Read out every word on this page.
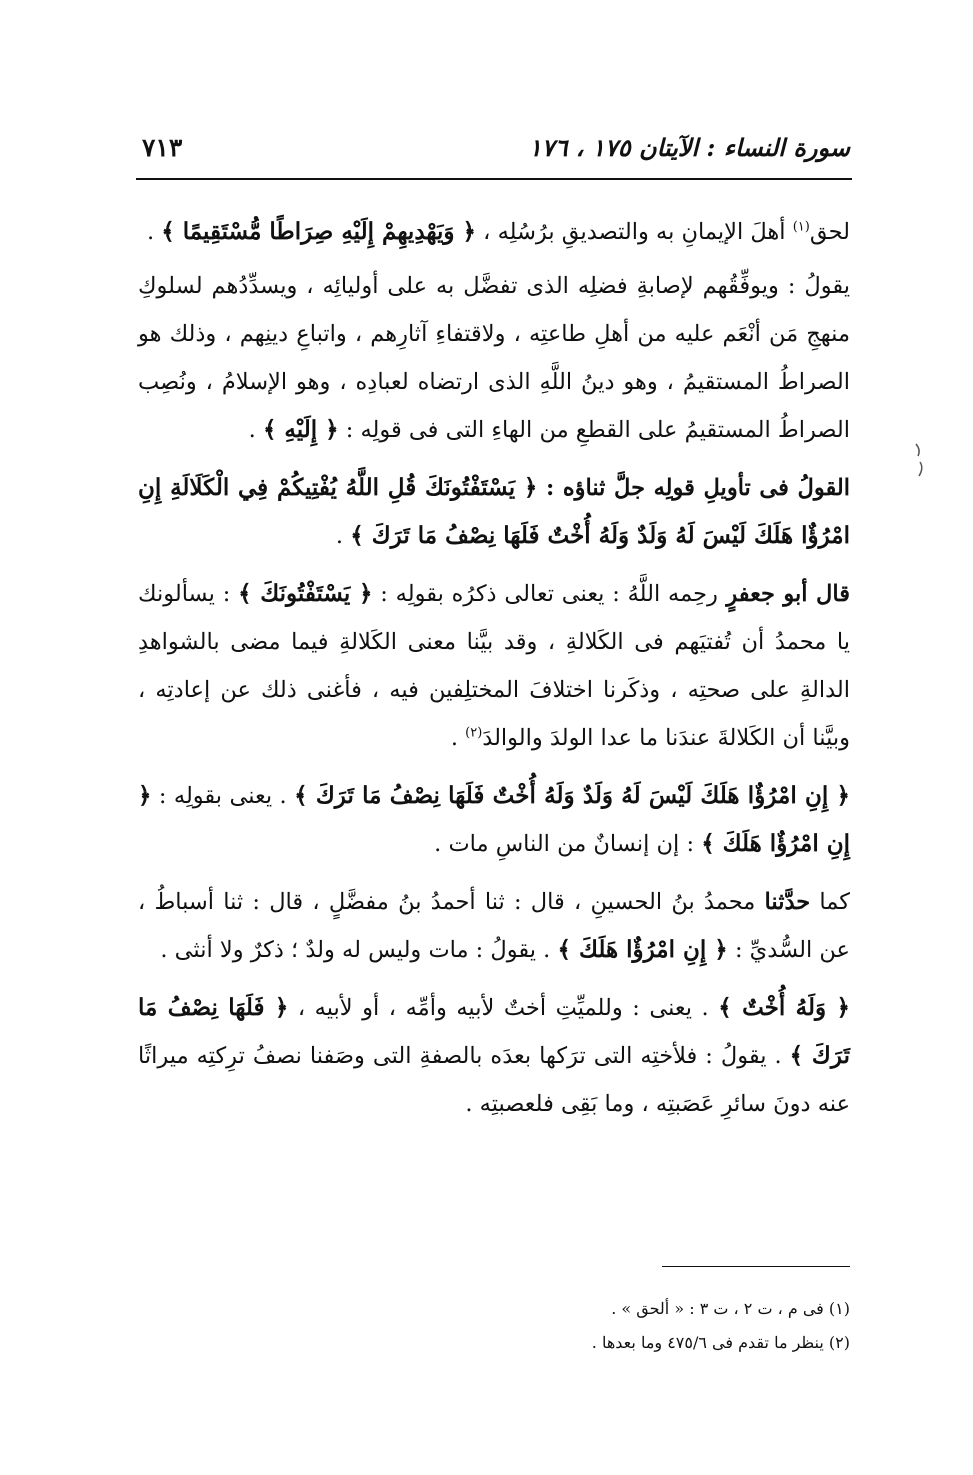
سورة النساء : الآيتان ١٧٥ ، ١٧٦
٧١٣

لحق$^{(١)}$ أهلَ الإيمانِ به والتصديقِ برُسُلِه ، ﴿ وَيَهْدِيهِمْ إِلَيْهِ صِرَاطًا مُّسْتَقِيمًا ﴾ .

يقولُ : ويوفِّقُهم لإصابةِ فضلِه الذى تفضَّل به على أوليائِه ، ويسدِّدُهم لسلوكِ منهجِ مَن أنْعَم عليه من أهلِ طاعتِه ، ولاقتفاءِ آثارِهم ، واتباعِ دينِهم ، وذلك هو الصراطُ المستقيمُ ، وهو دينُ اللَّهِ الذى ارتضاه لعبادِه ، وهو الإسلامُ ، ونُصِب الصراطُ المستقيمُ على القطعِ من الهاءِ التى فى قولِه : ﴿ إِلَيْهِ ﴾ .

القولُ فى تأويلِ قولِه جلَّ ثناؤه : ﴿ يَسْتَفْتُونَكَ قُلِ اللَّهُ يُفْتِيكُمْ فِي الْكَلَالَةِ إِنِ امْرُؤٌا هَلَكَ لَيْسَ لَهُ وَلَدٌ وَلَهُ أُخْتٌ فَلَهَا نِصْفُ مَا تَرَكَ ﴾ .

قال أبو جعفرٍ رحِمه اللَّهُ : يعنى تعالى ذكرُه بقولِه : ﴿ يَسْتَفْتُونَكَ ﴾ : يسألونك يا محمدُ أن تُفتيَهم فى الكَلالةِ ، وقد بيَّنا معنى الكَلالةِ فيما مضى بالشواهدِ الدالةِ على صحتِه ، وذكَرنا اختلافَ المختلِفين فيه ، فأغنى ذلك عن إعادتِه ، وبيَّنا أن الكَلالةَ عندَنا ما عدا الولدَ والوالدَ$^{(٢)}$ .

﴿ إِنِ امْرُؤٌا هَلَكَ لَيْسَ لَهُ وَلَدٌ وَلَهُ أُخْتٌ فَلَهَا نِصْفُ مَا تَرَكَ ﴾ . يعنى بقولِه : ﴿ إِنِ امْرُؤٌا هَلَكَ ﴾ : إن إنسانٌ من الناسِ مات .

كما حدَّثنا محمدُ بنُ الحسينِ ، قال : ثنا أحمدُ بنُ مفضَّلٍ ، قال : ثنا أسباطُ ، عن السُّديِّ : ﴿ إِنِ امْرُؤٌا هَلَكَ ﴾ . يقولُ : مات وليس له ولدٌ ؛ ذكرٌ ولا أنثى .

﴿ وَلَهُ أُخْتٌ ﴾ . يعنى : وللميِّتِ أختٌ لأبيه وأمِّه ، أو لأبيه ، ﴿ فَلَهَا نِصْفُ مَا تَرَكَ ﴾ . يقولُ : فلأختِه التى ترَكها بعدَه بالصفةِ التى وصَفنا نصفُ ترِكتِه ميراثًا عنه دونَ سائرِ عَصَبتِه ، وما بَقِى فلعصبتِه .

(١) فى م ، ت ٢ ، ت ٣ : « ألحق » .
(٢) ينظر ما تقدم فى ٤٧٥/٦ وما بعدها .
